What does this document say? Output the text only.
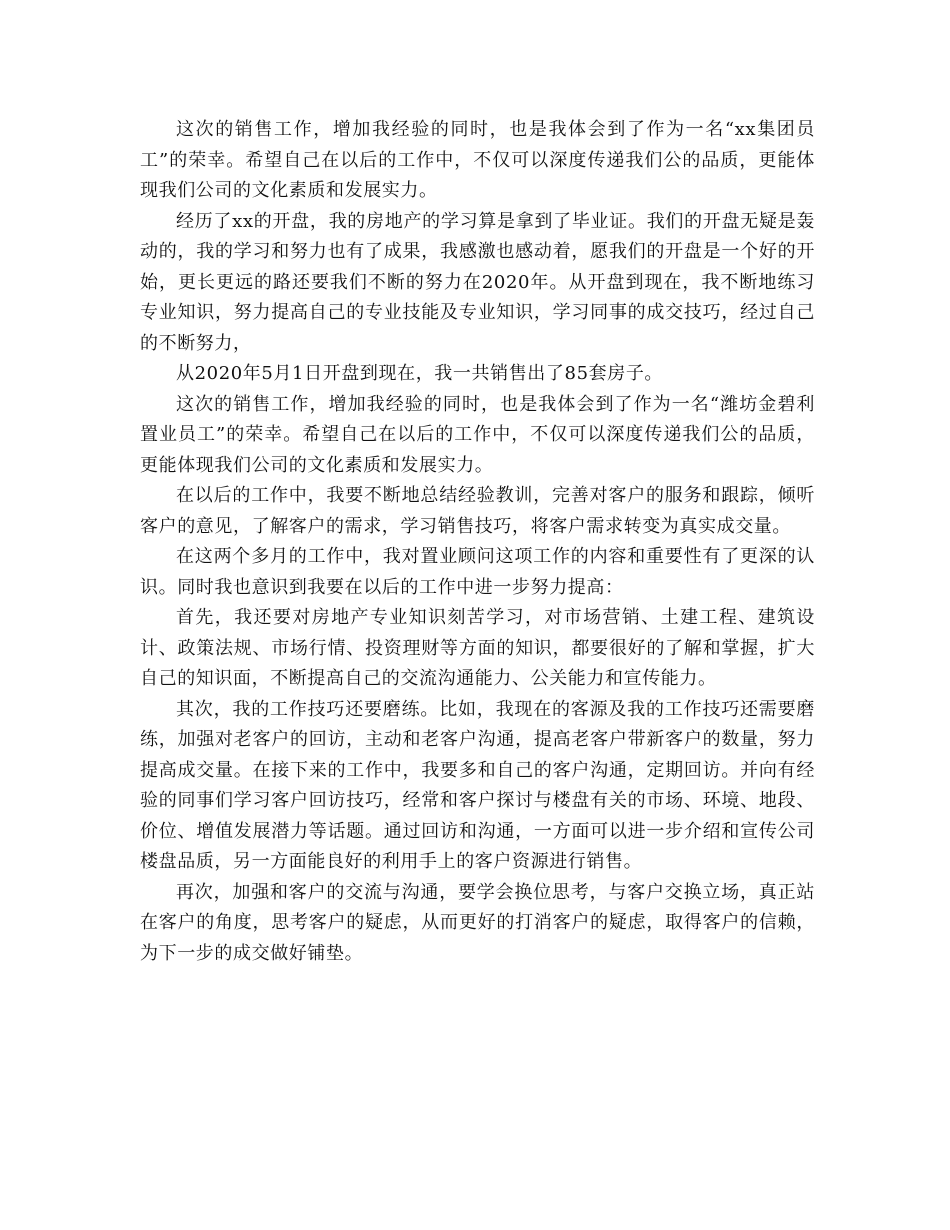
这次的销售工作，增加我经验的同时，也是我体会到了作为一名“xx集团员工”的荣幸。希望自己在以后的工作中，不仅可以深度传递我们公的品质，更能体现我们公司的文化素质和发展实力。

经历了xx的开盘，我的房地产的学习算是拿到了毕业证。我们的开盘无疑是轰动的，我的学习和努力也有了成果，我感激也感动着，愿我们的开盘是一个好的开始，更长更远的路还要我们不断的努力在2020年。从开盘到现在，我不断地练习专业知识，努力提高自己的专业技能及专业知识，学习同事的成交技巧，经过自己的不断努力，

从2020年5月1日开盘到现在，我一共销售出了85套房子。

这次的销售工作，增加我经验的同时，也是我体会到了作为一名“潍坊金碧利置业员工”的荣幸。希望自己在以后的工作中，不仅可以深度传递我们公的品质，更能体现我们公司的文化素质和发展实力。

在以后的工作中，我要不断地总结经验教训，完善对客户的服务和跟踪，倾听客户的意见，了解客户的需求，学习销售技巧，将客户需求转变为真实成交量。

在这两个多月的工作中，我对置业顾问这项工作的内容和重要性有了更深的认识。同时我也意识到我要在以后的工作中进一步努力提高：

首先，我还要对房地产专业知识刻苦学习，对市场营销、土建工程、建筑设计、政策法规、市场行情、投资理财等方面的知识，都要很好的了解和掌握，扩大自己的知识面，不断提高自己的交流沟通能力、公关能力和宣传能力。

其次，我的工作技巧还要磨练。比如，我现在的客源及我的工作技巧还需要磨练，加强对老客户的回访，主动和老客户沟通，提高老客户带新客户的数量，努力提高成交量。在接下来的工作中，我要多和自己的客户沟通，定期回访。并向有经验的同事们学习客户回访技巧，经常和客户探讨与楼盘有关的市场、环境、地段、价位、增值发展潜力等话题。通过回访和沟通，一方面可以进一步介绍和宣传公司楼盘品质，另一方面能良好的利用手上的客户资源进行销售。

再次，加强和客户的交流与沟通，要学会换位思考，与客户交换立场，真正站在客户的角度，思考客户的疑虑，从而更好的打消客户的疑虑，取得客户的信赖，为下一步的成交做好铺垫。
